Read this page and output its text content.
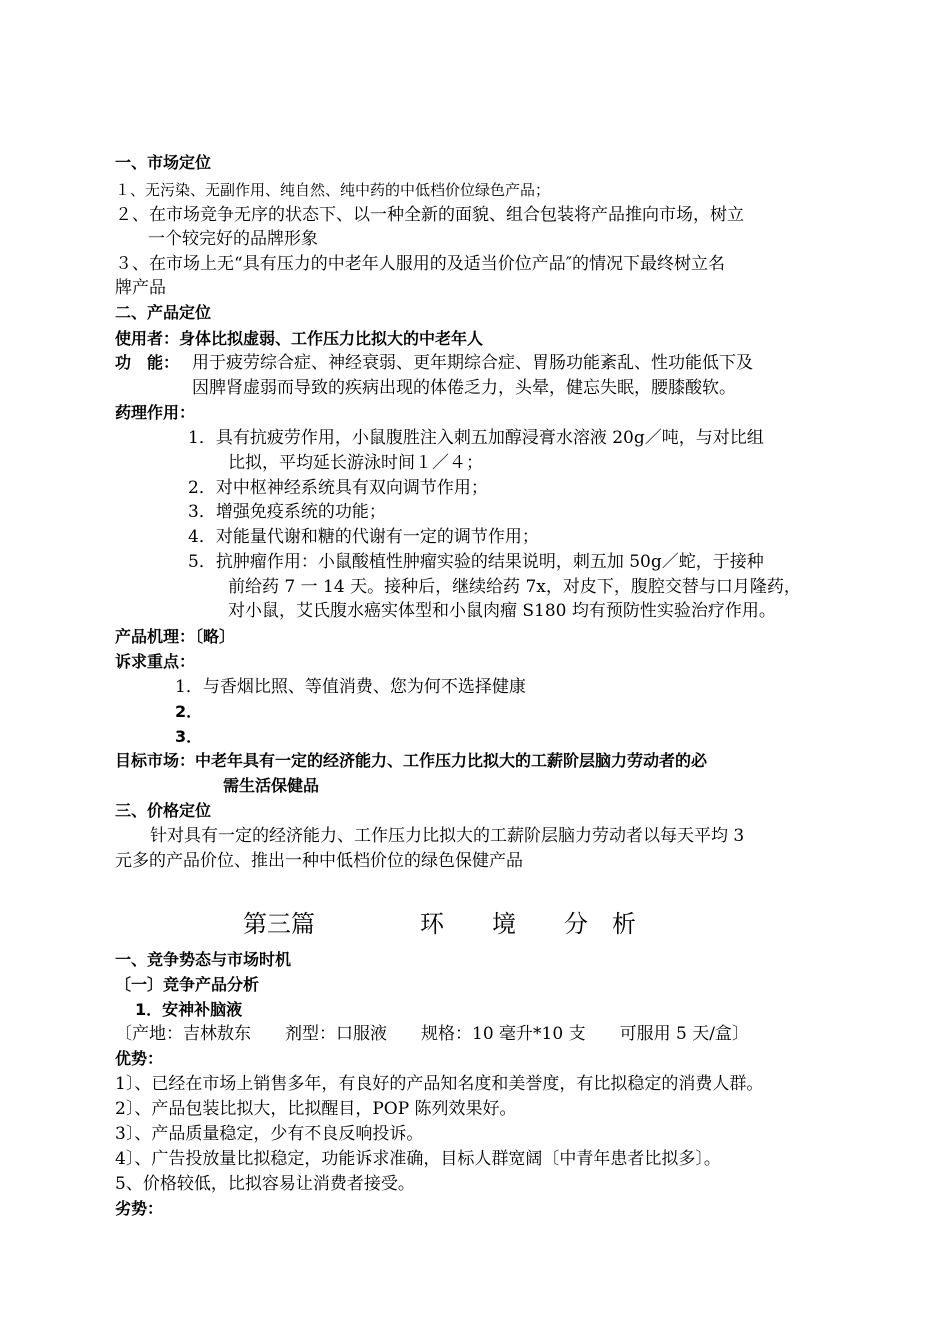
一、市场定位
１、无污染、无副作用、纯自然、纯中药的中低档价位绿色产品；
２、在市场竞争无序的状态下、以一种全新的面貌、组合包装将产品推向市场，树立
一个较完好的品牌形象
３、在市场上无“具有压力的中老年人服用的及适当价位产品″的情况下最终树立名
牌产品
二、产品定位
使用者：身体比拟虚弱、工作压力比拟大的中老年人
功　能： 用于疲劳综合症、神经衰弱、更年期综合症、胃肠功能紊乱、性功能低下及
因脾肾虚弱而导致的疾病出现的体倦乏力，头晕，健忘失眠，腰膝酸软。
药理作用：
1．具有抗疲劳作用，小鼠腹胜注入刺五加醇浸膏水溶液 20g／吨，与对比组
比拟，平均延长游泳时间１／４；
2．对中枢神经系统具有双向调节作用；
3．增强免疫系统的功能；
4．对能量代谢和糖的代谢有一定的调节作用；
5．抗肿瘤作用：小鼠酸植性肿瘤实验的结果说明，刺五加 50g／蛇，于接种
前给药 7 一 14 天。接种后，继续给药 7x，对皮下，腹腔交替与口月隆药，
对小鼠，艾氏腹水癌实体型和小鼠肉瘤 S180 均有预防性实验治疗作用。
产品机理：〔略〕
诉求重点：
1．与香烟比照、等值消费、您为何不选择健康
2．
3．
目标市场：中老年具有一定的经济能力、工作压力比拟大的工薪阶层脑力劳动者的必
需生活保健品
三、价格定位
针对具有一定的经济能力、工作压力比拟大的工薪阶层脑力劳动者以每天平均 3
元多的产品价位、推出一种中低档价位的绿色保健产品
第三篇	环　　境　　分　析
一、竞争势态与市场时机
〔一〕竞争产品分析
1．安神补脑液
〔产地：吉林敖东　　剂型：口服液　　规格：10 毫升*10 支　　可服用 5 天/盒〕
优势：
1〕、已经在市场上销售多年，有良好的产品知名度和美誉度，有比拟稳定的消费人群。
2〕、产品包装比拟大，比拟醒目，POP 陈列效果好。
3〕、产品质量稳定，少有不良反响投诉。
4〕、广告投放量比拟稳定，功能诉求准确，目标人群宽阔〔中青年患者比拟多〕。
5、价格较低，比拟容易让消费者接受。
劣势：
